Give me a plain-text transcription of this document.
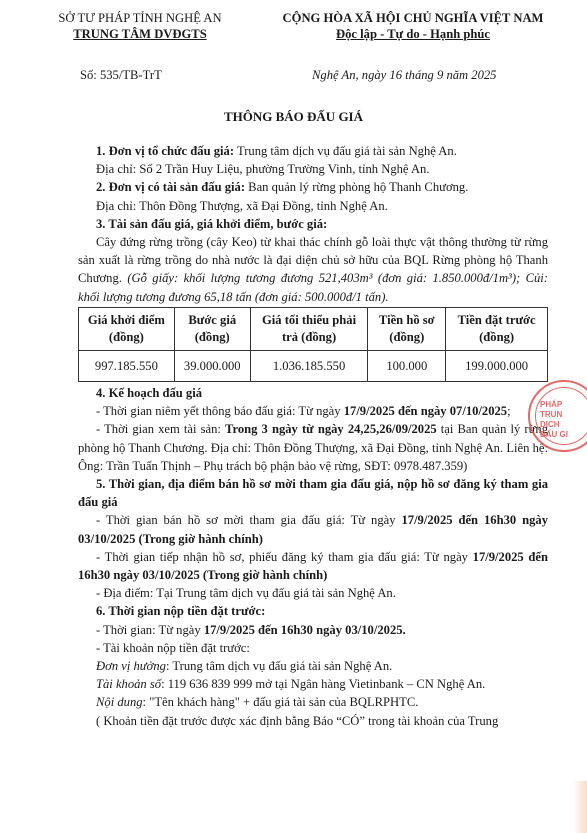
SỞ TƯ PHÁP TỈNH NGHỆ AN
TRUNG TÂM DVĐGTS
CỘNG HÒA XÃ HỘI CHỦ NGHĨA VIỆT NAM
Độc lập - Tự do - Hạnh phúc
Số: 535/TB-TrT	Nghệ An, ngày 16 tháng 9 năm 2025
THÔNG BÁO ĐẤU GIÁ

1. Đơn vị tổ chức đấu giá: Trung tâm dịch vụ đấu giá tài sản Nghệ An.

Địa chỉ: Số 2 Trần Huy Liệu, phường Trường Vinh, tỉnh Nghệ An.

2. Đơn vị có tài sản đấu giá: Ban quản lý rừng phòng hộ Thanh Chương.

Địa chỉ: Thôn Đồng Thượng, xã Đại Đồng, tỉnh Nghệ An.

3. Tài sản đấu giá, giá khởi điểm, bước giá:

Cây đứng rừng trồng (cây Keo) từ khai thác chính gỗ loài thực vật thông thường từ rừng sản xuất là rừng trồng do nhà nước là đại diện chủ sở hữu của BQL Rừng phòng hộ Thanh Chương. (Gỗ giấy: khối lượng tương đương 521,403m³ (đơn giá: 1.850.000đ/1m³); Củi: khối lượng tương đương 65,18 tấn (đơn giá: 500.000đ/1 tấn).

Giá khởi điểm (đồng)	Bước giá (đồng)	Giá tối thiểu phải trả (đồng)	Tiền hồ sơ (đồng)	Tiền đặt trước (đồng)
997.185.550	39.000.000	1.036.185.550	100.000	199.000.000

4. Kế hoạch đấu giá

- Thời gian niêm yết thông báo đấu giá: Từ ngày 17/9/2025 đến ngày 07/10/2025;

- Thời gian xem tài sản: Trong 3 ngày từ ngày 24,25,26/09/2025 tại Ban quản lý rừng phòng hộ Thanh Chương. Địa chỉ: Thôn Đồng Thượng, xã Đại Đồng, tỉnh Nghệ An. Liên hệ: Ông: Trần Tuấn Thịnh – Phụ trách bộ phận bảo vệ rừng, SĐT: 0978.487.359)

5. Thời gian, địa điểm bán hồ sơ mời tham gia đấu giá, nộp hồ sơ đăng ký tham gia đấu giá

- Thời gian bán hồ sơ mời tham gia đấu giá: Từ ngày 17/9/2025 đến 16h30 ngày 03/10/2025 (Trong giờ hành chính)

- Thời gian tiếp nhận hồ sơ, phiếu đăng ký tham gia đấu giá: Từ ngày 17/9/2025 đến 16h30 ngày 03/10/2025 (Trong giờ hành chính)

- Địa điểm: Tại Trung tâm dịch vụ đấu giá tài sản Nghệ An.

6. Thời gian nộp tiền đặt trước:

- Thời gian: Từ ngày 17/9/2025 đến 16h30 ngày 03/10/2025.

- Tài khoản nộp tiền đặt trước:

Đơn vị hưởng: Trung tâm dịch vụ đấu giá tài sản Nghệ An.

Tài khoản số: 119 636 839 999 mở tại Ngân hàng Vietinbank – CN Nghệ An.

Nội dung: "Tên khách hàng" + đấu giá tài sản của BQLRPHTC.

( Khoản tiền đặt trước được xác định bằng Báo “CÓ” trong tài khoản của Trung

PHÁP
TRUN
DỊCH
ĐẤU GI
